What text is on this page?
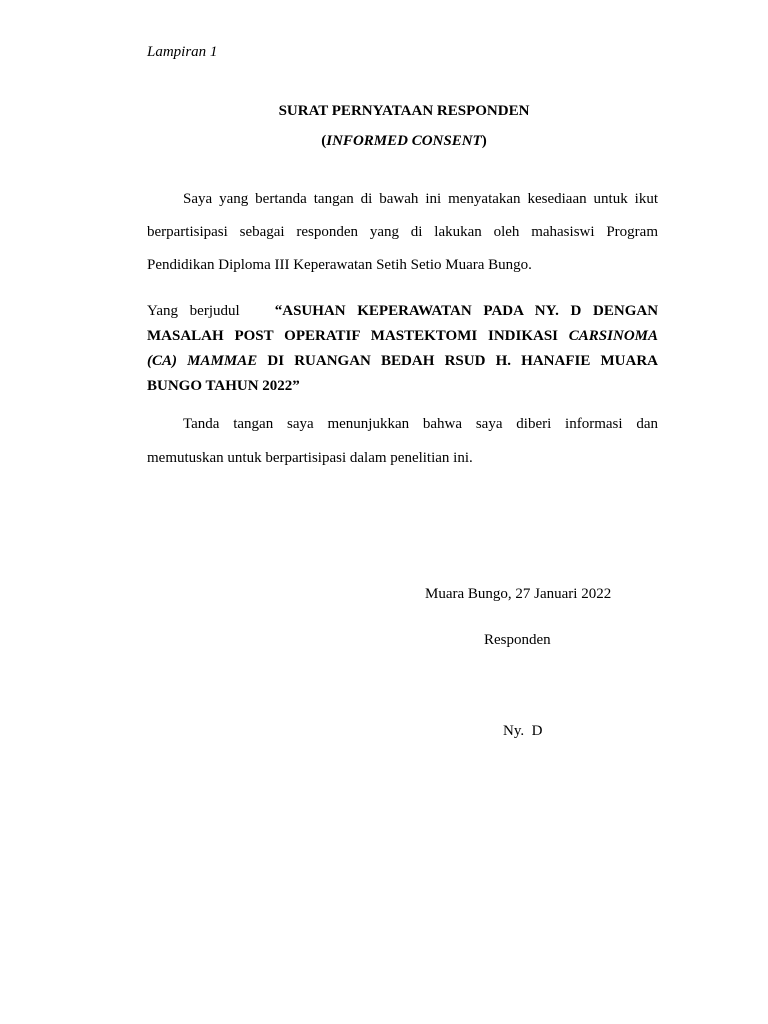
Lampiran 1
SURAT PERNYATAAN RESPONDEN
(INFORMED CONSENT)
Saya yang bertanda tangan di bawah ini menyatakan kesediaan untuk ikut
berpartisipasi sebagai responden yang di lakukan oleh mahasiswi Program
Pendidikan Diploma III Keperawatan Setih Setio Muara Bungo.
Yang berjudul “ASUHAN KEPERAWATAN PADA NY. D DENGAN
MASALAH POST OPERATIF MASTEKTOMI INDIKASI CARSINOMA
(CA) MAMMAE DI RUANGAN BEDAH RSUD H. HANAFIE MUARA
BUNGO TAHUN 2022”
Tanda tangan saya menunjukkan bahwa saya diberi informasi dan
memutuskan untuk berpartisipasi dalam penelitian ini.
Muara Bungo, 27 Januari 2022
Responden
Ny.  D
